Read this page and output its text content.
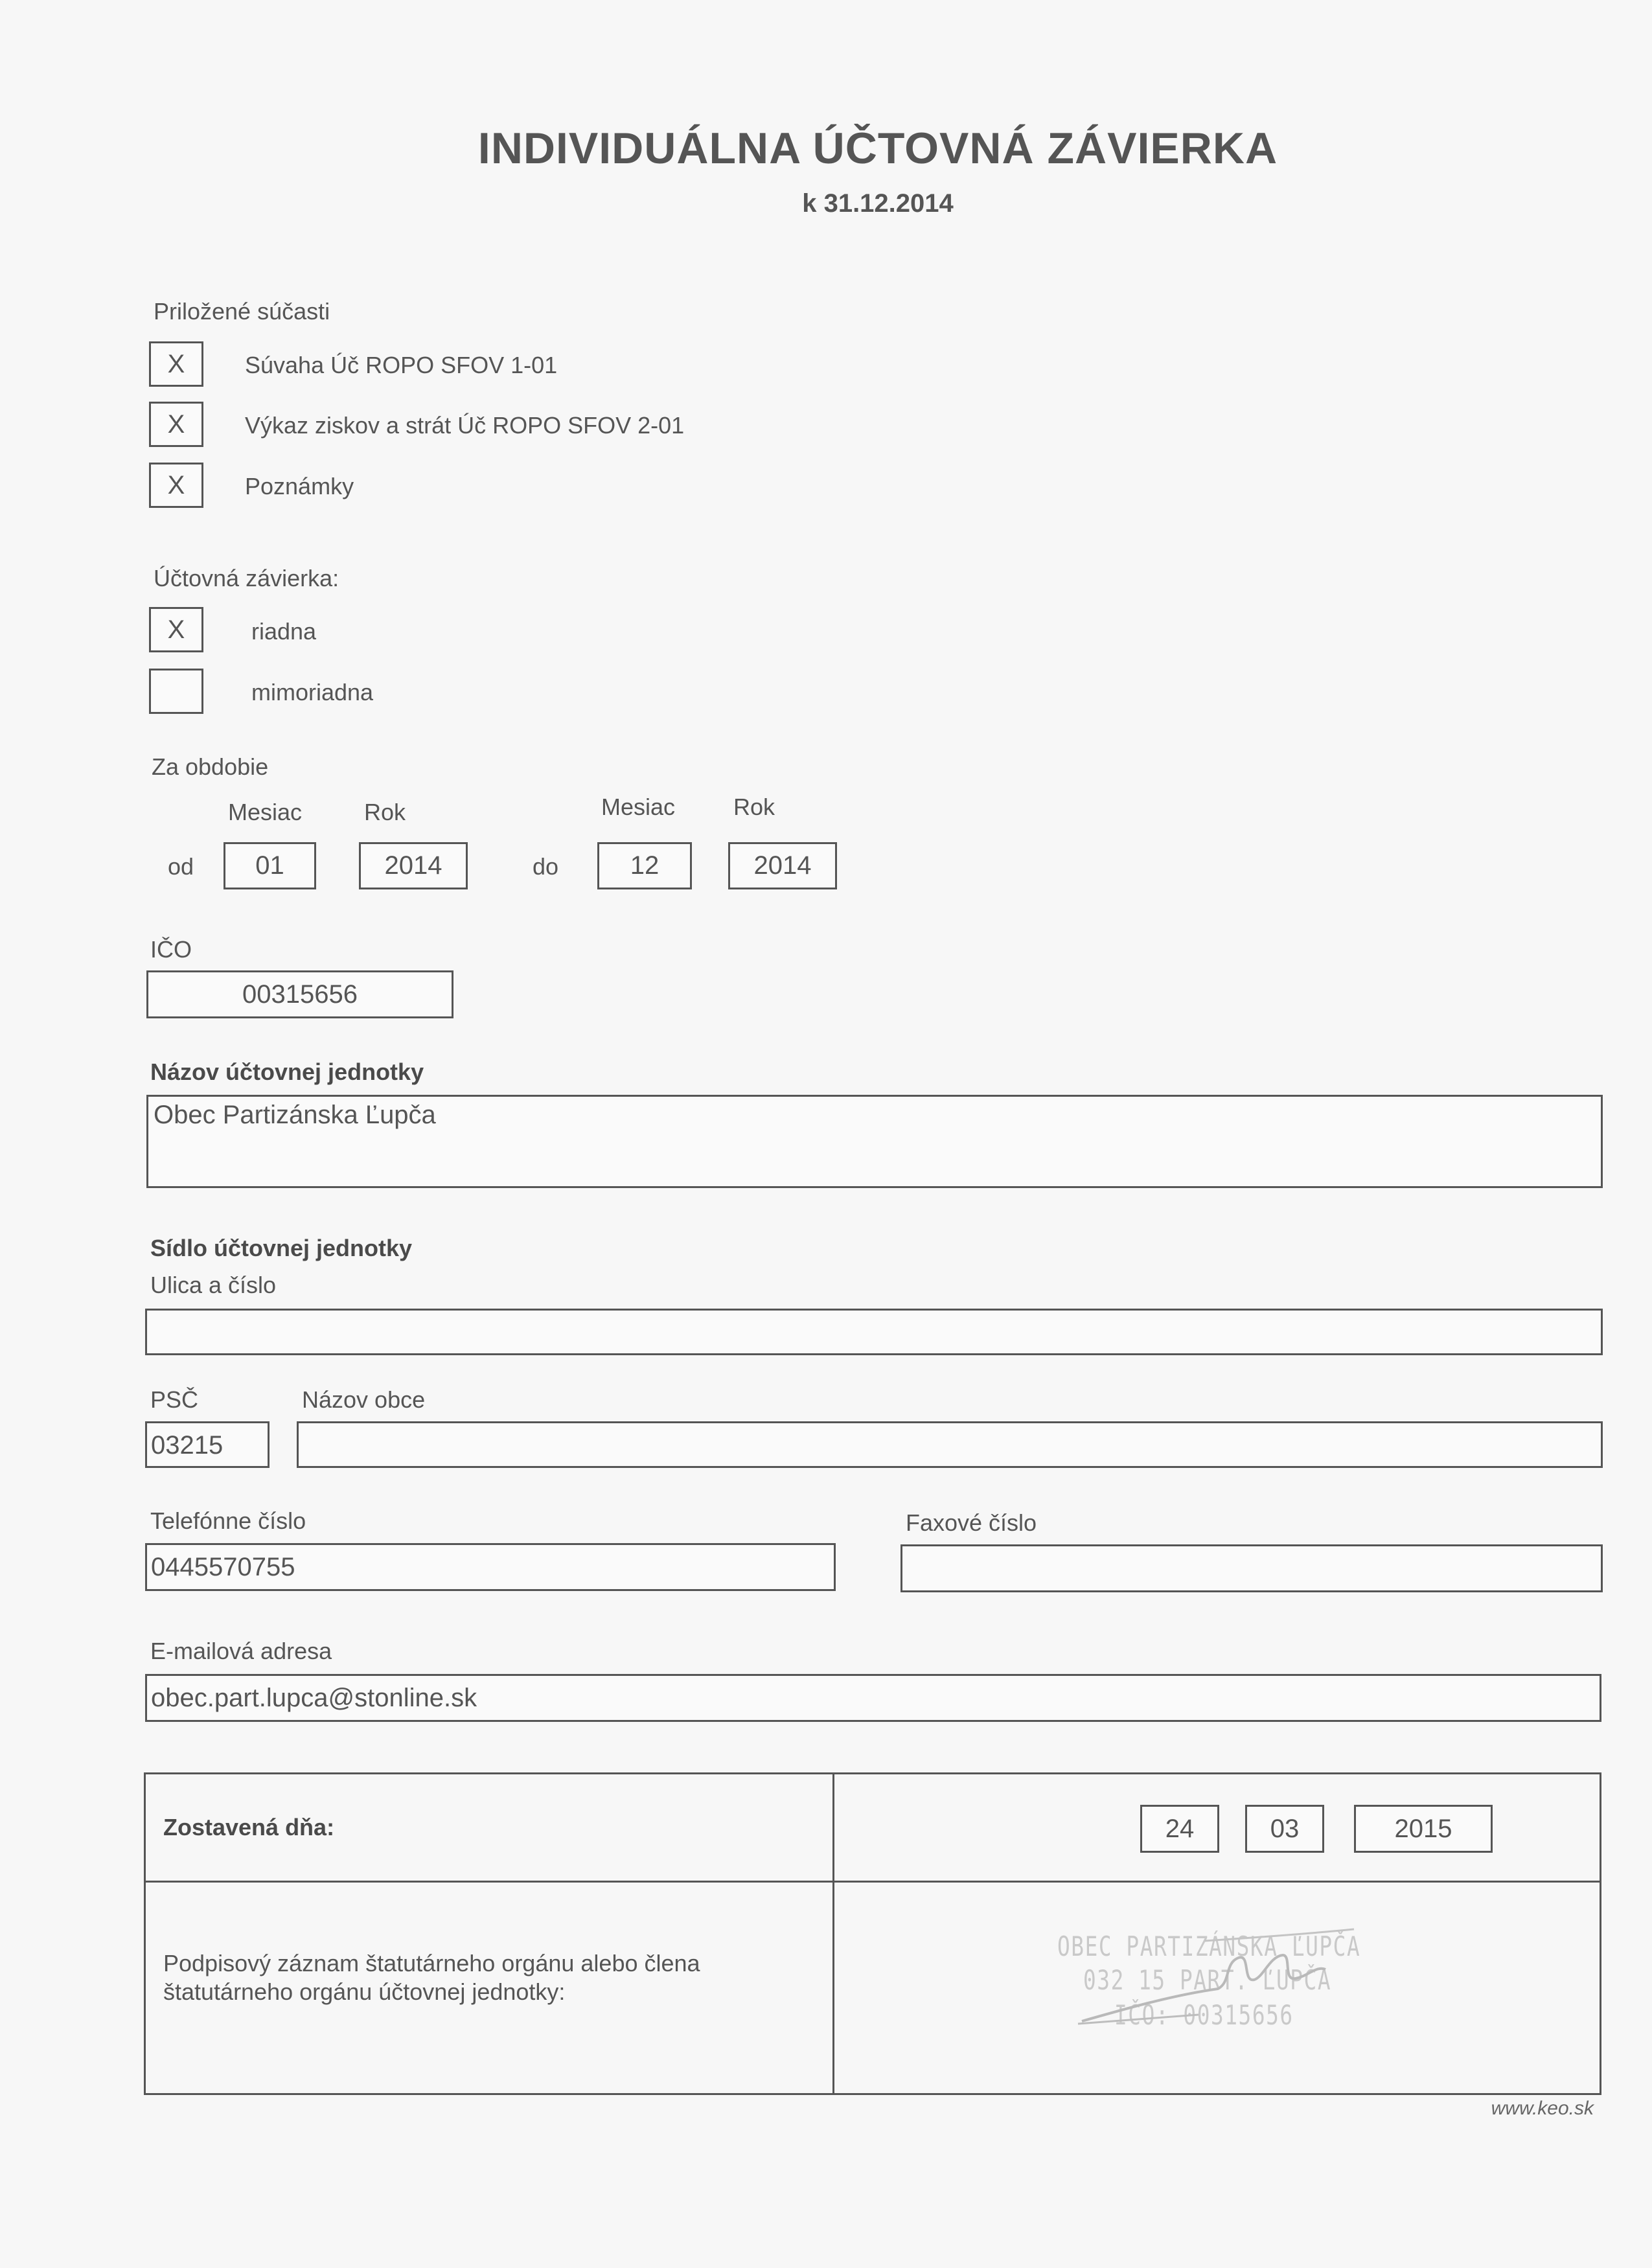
INDIVIDUÁLNA ÚČTOVNÁ ZÁVIERKA
k 31.12.2014
Priložené súčasti
X	Súvaha Úč ROPO SFOV 1-01
X	Výkaz ziskov a strát Úč ROPO SFOV 2-01
X	Poznámky
Účtovná závierka:
X	riadna
mimoriadna
Za obdobie
Mesiac	Rok	Mesiac Rok
od	01	2014	do	12	2014
IČO
00315656
Názov účtovnej jednotky
Obec Partizánska Ľupča
Sídlo účtovnej jednotky
Ulica a číslo
PSČ	Názov obce
03215
Telefónne číslo	Faxové číslo
0445570755
E-mailová adresa
obec.part.lupca@stonline.sk
Zostavená dňa:	24	03	2015
Podpisový záznam štatutárneho orgánu alebo člena
štatutárneho orgánu účtovnej jednotky:
OBEC PARTIZÁNSKA ĽUPČA
032 15 PART. ĽUPČA
IČO: 00315656
www.keo.sk
